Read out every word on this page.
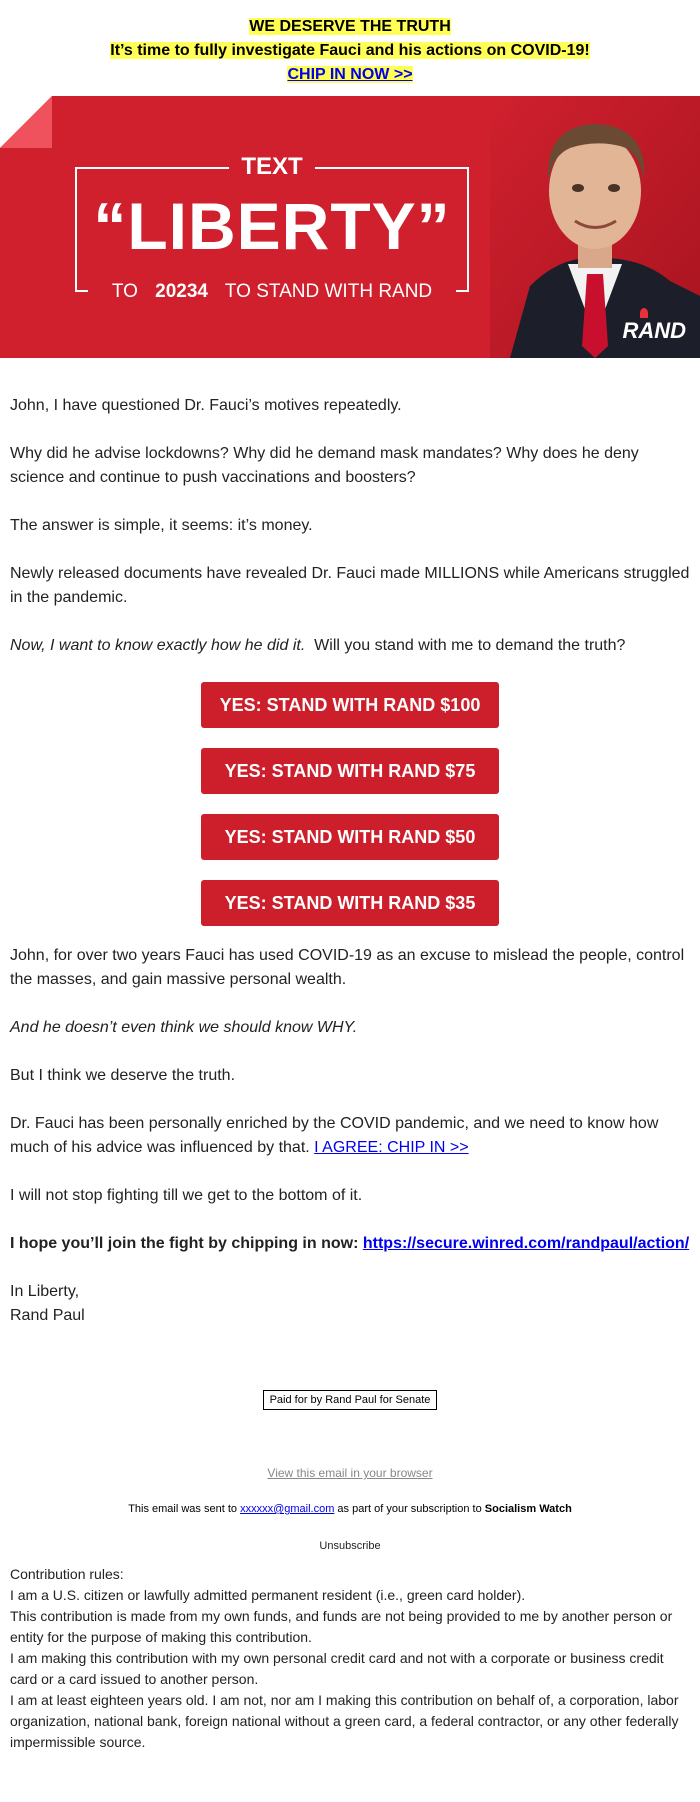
WE DESERVE THE TRUTH
It’s time to fully investigate Fauci and his actions on COVID-19!
CHIP IN NOW >>
TEXT
“LIBERTY”
TO 20234 TO STAND WITH RAND
RAND

John, I have questioned Dr. Fauci’s motives repeatedly.

Why did he advise lockdowns? Why did he demand mask mandates? Why does he deny science and continue to push vaccinations and boosters?

The answer is simple, it seems: it’s money.

Newly released documents have revealed Dr. Fauci made MILLIONS while Americans struggled in the pandemic.

Now, I want to know exactly how he did it.  Will you stand with me to demand the truth?

YES: STAND WITH RAND $100
YES: STAND WITH RAND $75
YES: STAND WITH RAND $50
YES: STAND WITH RAND $35

John, for over two years Fauci has used COVID-19 as an excuse to mislead the people, control the masses, and gain massive personal wealth.

And he doesn’t even think we should know WHY.

But I think we deserve the truth.

Dr. Fauci has been personally enriched by the COVID pandemic, and we need to know how much of his advice was influenced by that. I AGREE: CHIP IN >>

I will not stop fighting till we get to the bottom of it.

I hope you’ll join the fight by chipping in now: https://secure.winred.com/randpaul/action/

In Liberty,
Rand Paul

Paid for by Rand Paul for Senate
View this email in your browser
This email was sent to xxxxxx@gmail.com as part of your subscription to Socialism Watch
Unsubscribe
Contribution rules:
I am a U.S. citizen or lawfully admitted permanent resident (i.e., green card holder).
This contribution is made from my own funds, and funds are not being provided to me by another person or entity for the purpose of making this contribution.
I am making this contribution with my own personal credit card and not with a corporate or business credit card or a card issued to another person.
I am at least eighteen years old. I am not, nor am I making this contribution on behalf of, a corporation, labor organization, national bank, foreign national without a green card, a federal contractor, or any other federally impermissible source.
